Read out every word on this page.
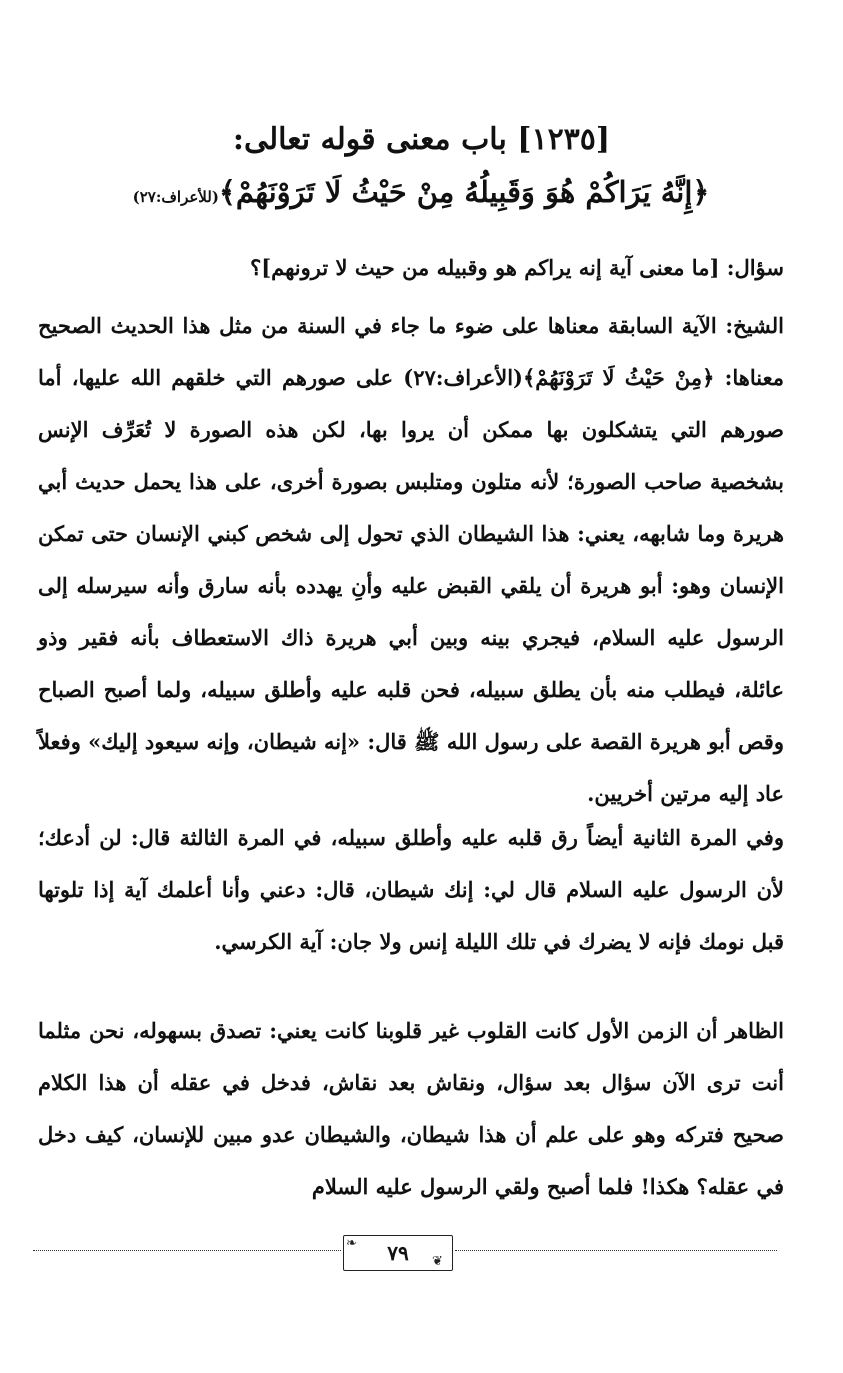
[١٢٣٥] باب معنى قوله تعالى:
﴿إِنَّهُ يَرَاكُمْ هُوَ وَقَبِيلُهُ مِنْ حَيْثُ لَا تَرَوْنَهُمْ﴾(للأعراف:٢٧)
سؤال: [ما معنى آية إنه يراكم هو وقبيله من حيث لا ترونهم]؟
الشيخ: الآية السابقة معناها على ضوء ما جاء في السنة من مثل هذا الحديث الصحيح معناها: ﴿مِنْ حَيْثُ لَا تَرَوْنَهُمْ﴾(الأعراف:٢٧) على صورهم التي خلقهم الله عليها، أما صورهم التي يتشكلون بها ممكن أن يروا بها، لكن هذه الصورة لا تُعَرِّف الإنس بشخصية صاحب الصورة؛ لأنه متلون ومتلبس بصورة أخرى، على هذا يحمل حديث أبي هريرة وما شابهه، يعني: هذا الشيطان الذي تحول إلى شخص كبني الإنسان حتى تمكن الإنسان وهو: أبو هريرة أن يلقي القبض عليه وأنِ يهدده بأنه سارق وأنه سيرسله إلى الرسول عليه السلام، فيجري بينه وبين أبي هريرة ذاك الاستعطاف بأنه فقير وذو عائلة، فيطلب منه بأن يطلق سبيله، فحن قلبه عليه وأطلق سبيله، ولما أصبح الصباح وقص أبو هريرة القصة على رسول الله ﷺ قال: «إنه شيطان، وإنه سيعود إليك» وفعلاً عاد إليه مرتين أخريين.
وفي المرة الثانية أيضاً رق قلبه عليه وأطلق سبيله، في المرة الثالثة قال: لن أدعك؛ لأن الرسول عليه السلام قال لي: إنك شيطان، قال: دعني وأنا أعلمك آية إذا تلوتها قبل نومك فإنه لا يضرك في تلك الليلة إنس ولا جان: آية الكرسي.
الظاهر أن الزمن الأول كانت القلوب غير قلوبنا كانت يعني: تصدق بسهوله، نحن مثلما أنت ترى الآن سؤال بعد سؤال، ونقاش بعد نقاش، فدخل في عقله أن هذا الكلام صحيح فتركه وهو على علم أن هذا شيطان، والشيطان عدو مبين للإنسان، كيف دخل في عقله؟ هكذا! فلما أصبح ولقي الرسول عليه السلام
٧٩
❧
❦
